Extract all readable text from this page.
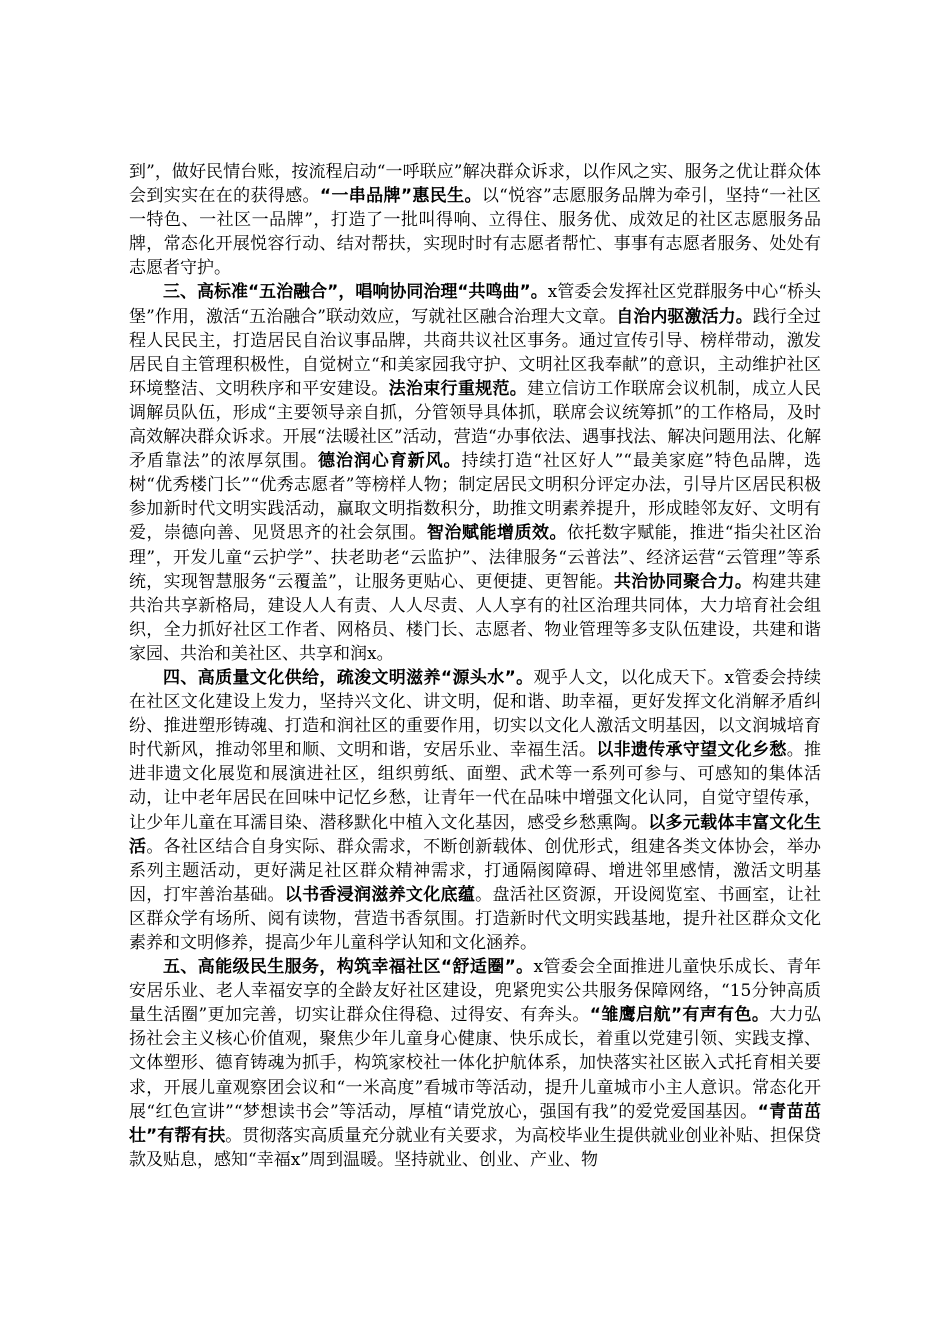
到”，做好民情台账，按流程启动“一呼联应”解决群众诉求，以作风之实、服务之优让群众体会到实实在在的获得感。“一串品牌”惠民生。以“悦容”志愿服务品牌为牵引，坚持“一社区一特色、一社区一品牌”，打造了一批叫得响、立得住、服务优、成效足的社区志愿服务品牌，常态化开展悦容行动、结对帮扶，实现时时有志愿者帮忙、事事有志愿者服务、处处有志愿者守护。

三、高标准“五治融合”，唱响协同治理“共鸣曲”。x管委会发挥社区党群服务中心“桥头堡”作用，激活“五治融合”联动效应，写就社区融合治理大文章。自治内驱激活力。践行全过程人民民主，打造居民自治议事品牌，共商共议社区事务。通过宣传引导、榜样带动，激发居民自主管理积极性，自觉树立“和美家园我守护、文明社区我奉献”的意识，主动维护社区环境整洁、文明秩序和平安建设。法治束行重规范。建立信访工作联席会议机制，成立人民调解员队伍，形成“主要领导亲自抓，分管领导具体抓，联席会议统筹抓”的工作格局，及时高效解决群众诉求。开展“法暖社区”活动，营造“办事依法、遇事找法、解决问题用法、化解矛盾靠法”的浓厚氛围。德治润心育新风。持续打造“社区好人”“最美家庭”特色品牌，选树“优秀楼门长”“优秀志愿者”等榜样人物；制定居民文明积分评定办法，引导片区居民积极参加新时代文明实践活动，赢取文明指数积分，助推文明素养提升，形成睦邻友好、文明有爱，崇德向善、见贤思齐的社会氛围。智治赋能增质效。依托数字赋能，推进“指尖社区治理”，开发儿童“云护学”、扶老助老“云监护”、法律服务“云普法”、经济运营“云管理”等系统，实现智慧服务“云覆盖”，让服务更贴心、更便捷、更智能。共治协同聚合力。构建共建共治共享新格局，建设人人有责、人人尽责、人人享有的社区治理共同体，大力培育社会组织，全力抓好社区工作者、网格员、楼门长、志愿者、物业管理等多支队伍建设，共建和谐家园、共治和美社区、共享和润x。

四、高质量文化供给，疏浚文明滋养“源头水”。观乎人文，以化成天下。x管委会持续在社区文化建设上发力，坚持兴文化、讲文明，促和谐、助幸福，更好发挥文化消解矛盾纠纷、推进塑形铸魂、打造和润社区的重要作用，切实以文化人激活文明基因，以文润城培育时代新风，推动邻里和顺、文明和谐，安居乐业、幸福生活。以非遗传承守望文化乡愁。推进非遗文化展览和展演进社区，组织剪纸、面塑、武术等一系列可参与、可感知的集体活动，让中老年居民在回味中记忆乡愁，让青年一代在品味中增强文化认同，自觉守望传承，让少年儿童在耳濡目染、潜移默化中植入文化基因，感受乡愁熏陶。以多元载体丰富文化生活。各社区结合自身实际、群众需求，不断创新载体、创优形式，组建各类文体协会，举办系列主题活动，更好满足社区群众精神需求，打通隔阂障碍、增进邻里感情，激活文明基因，打牢善治基础。以书香浸润滋养文化底蕴。盘活社区资源，开设阅览室、书画室，让社区群众学有场所、阅有读物，营造书香氛围。打造新时代文明实践基地，提升社区群众文化素养和文明修养，提高少年儿童科学认知和文化涵养。

五、高能级民生服务，构筑幸福社区“舒适圈”。x管委会全面推进儿童快乐成长、青年安居乐业、老人幸福安享的全龄友好社区建设，兜紧兜实公共服务保障网络，“15分钟高质量生活圈”更加完善，切实让群众住得稳、过得安、有奔头。“雏鹰启航”有声有色。大力弘扬社会主义核心价值观，聚焦少年儿童身心健康、快乐成长，着重以党建引领、实践支撑、文体塑形、德育铸魂为抓手，构筑家校社一体化护航体系，加快落实社区嵌入式托育相关要求，开展儿童观察团会议和“一米高度”看城市等活动，提升儿童城市小主人意识。常态化开展“红色宣讲”“梦想读书会”等活动，厚植“请党放心，强国有我”的爱党爱国基因。“青苗茁壮”有帮有扶。贯彻落实高质量充分就业有关要求，为高校毕业生提供就业创业补贴、担保贷款及贴息，感知“幸福x”周到温暖。坚持就业、创业、产业、物
